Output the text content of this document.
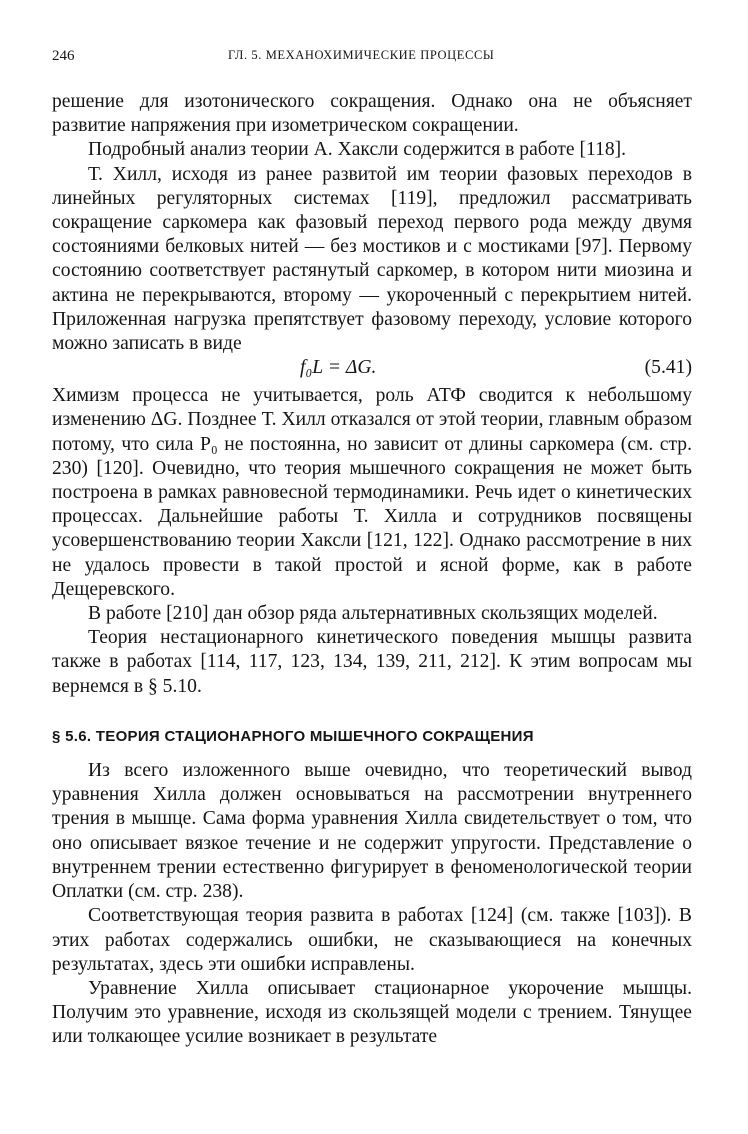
246	ГЛ. 5. МЕХАНОХИМИЧЕСКИЕ ПРОЦЕССЫ

решение для изотонического сокращения. Однако она не объясняет развитие напряжения при изометрическом сокращении.

Подробный анализ теории А. Хаксли содержится в работе [118].

Т. Хилл, исходя из ранее развитой им теории фазовых переходов в линейных регуляторных системах [119], предложил рассматривать сокращение саркомера как фазовый переход первого рода между двумя состояниями белковых нитей — без мостиков и с мостиками [97]. Первому состоянию соответствует растянутый саркомер, в котором нити миозина и актина не перекрываются, второму — укороченный с перекрытием нитей. Приложенная нагрузка препятствует фазовому переходу, условие которого можно записать в виде

f₀L = ΔG.	(5.41)

Химизм процесса не учитывается, роль АТФ сводится к небольшому изменению ΔG. Позднее Т. Хилл отказался от этой теории, главным образом потому, что сила P₀ не постоянна, но зависит от длины саркомера (см. стр. 230) [120]. Очевидно, что теория мышечного сокращения не может быть построена в рамках равновесной термодинамики. Речь идет о кинетических процессах. Дальнейшие работы Т. Хилла и сотрудников посвящены усовершенствованию теории Хаксли [121, 122]. Однако рассмотрение в них не удалось провести в такой простой и ясной форме, как в работе Дещеревского.

В работе [210] дан обзор ряда альтернативных скользящих моделей.

Теория нестационарного кинетического поведения мышцы развита также в работах [114, 117, 123, 134, 139, 211, 212]. К этим вопросам мы вернемся в § 5.10.

§ 5.6. ТЕОРИЯ СТАЦИОНАРНОГО МЫШЕЧНОГО СОКРАЩЕНИЯ

Из всего изложенного выше очевидно, что теоретический вывод уравнения Хилла должен основываться на рассмотрении внутреннего трения в мышце. Сама форма уравнения Хилла свидетельствует о том, что оно описывает вязкое течение и не содержит упругости. Представление о внутреннем трении естественно фигурирует в феноменологической теории Оплатки (см. стр. 238).

Соответствующая теория развита в работах [124] (см. также [103]). В этих работах содержались ошибки, не сказывающиеся на конечных результатах, здесь эти ошибки исправлены.

Уравнение Хилла описывает стационарное укорочение мышцы. Получим это уравнение, исходя из скользящей модели с трением. Тянущее или толкающее усилие возникает в результате
